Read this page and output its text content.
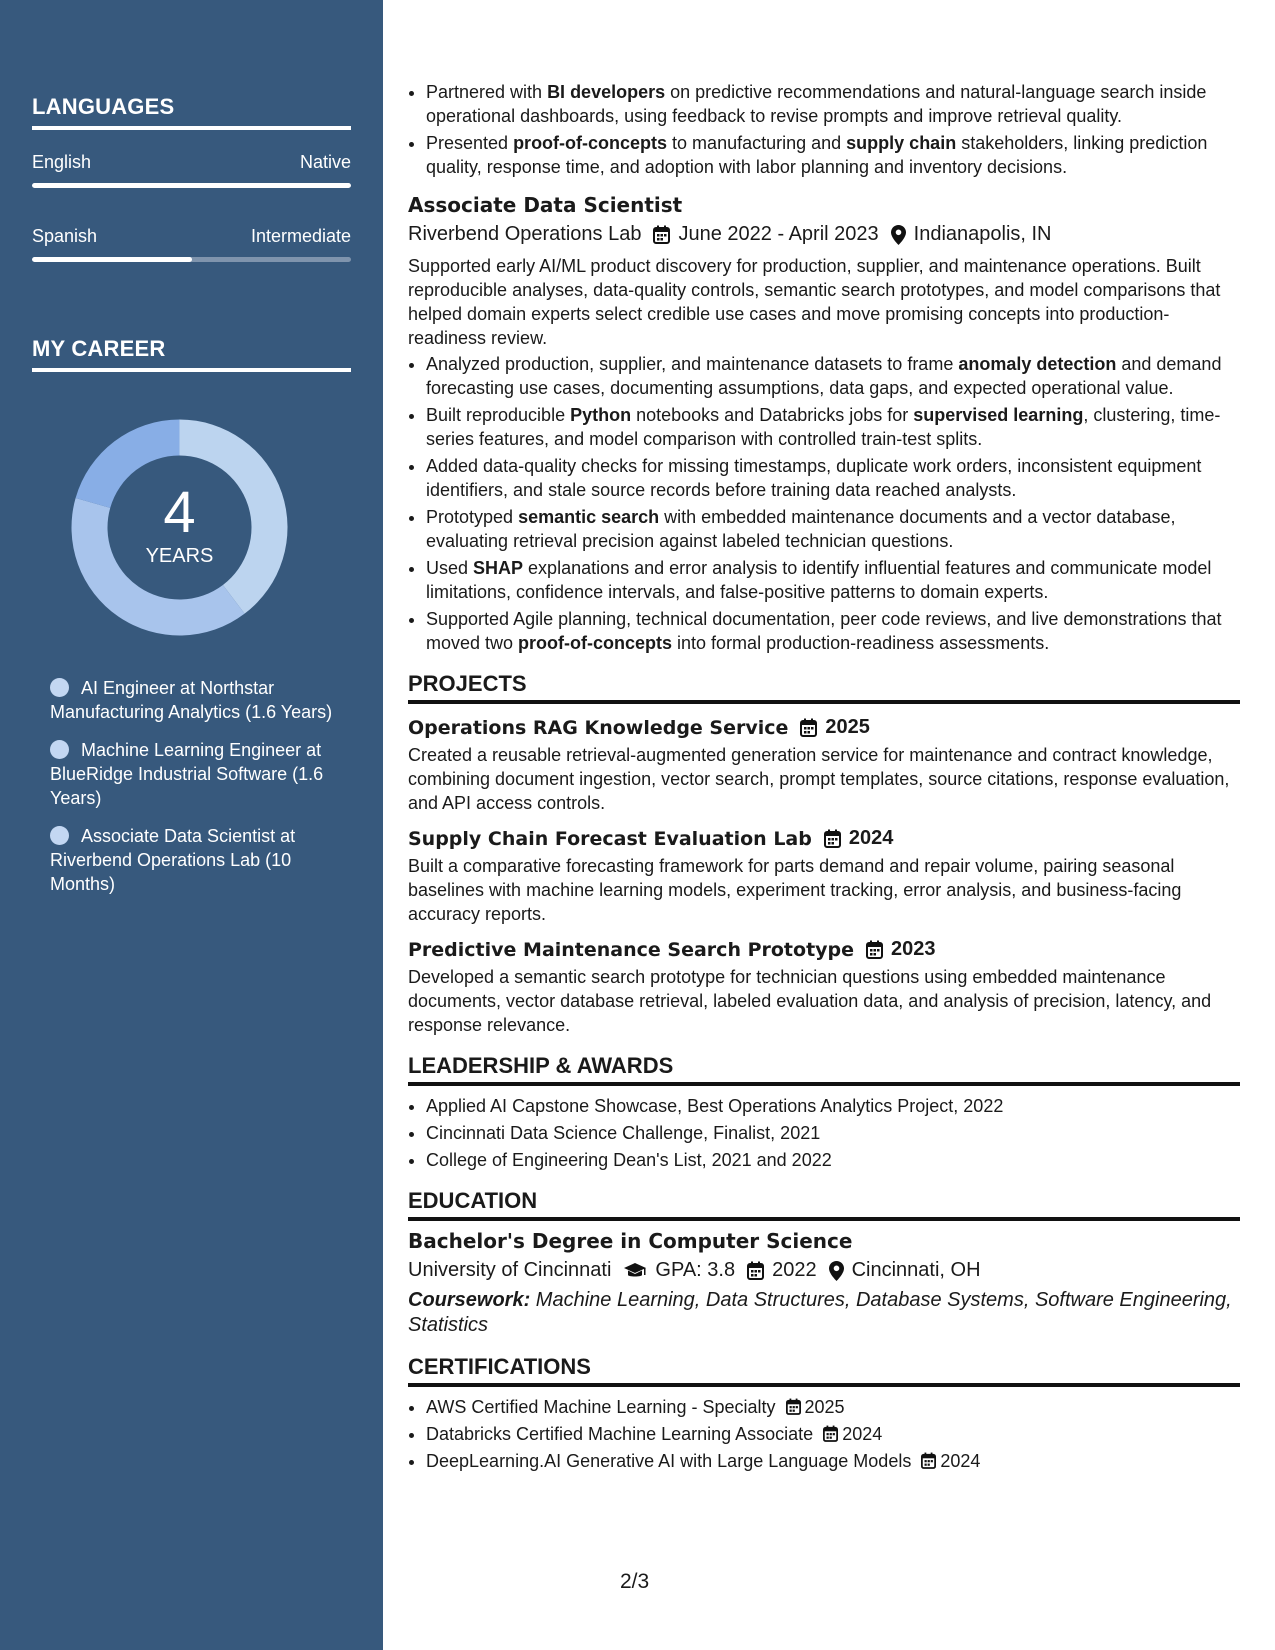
LANGUAGES
English	Native
Spanish	Intermediate
MY CAREER
4
YEARS
AI Engineer at Northstar Manufacturing Analytics (1.6 Years)
Machine Learning Engineer at BlueRidge Industrial Software (1.6 Years)
Associate Data Scientist at Riverbend Operations Lab (10 Months)
• Partnered with BI developers on predictive recommendations and natural-language search inside operational dashboards, using feedback to revise prompts and improve retrieval quality.
• Presented proof-of-concepts to manufacturing and supply chain stakeholders, linking prediction quality, response time, and adoption with labor planning and inventory decisions.
Associate Data Scientist
Riverbend Operations Lab June 2022 - April 2023 Indianapolis, IN
Supported early AI/ML product discovery for production, supplier, and maintenance operations. Built reproducible analyses, data-quality controls, semantic search prototypes, and model comparisons that helped domain experts select credible use cases and move promising concepts into production-readiness review.
• Analyzed production, supplier, and maintenance datasets to frame anomaly detection and demand forecasting use cases, documenting assumptions, data gaps, and expected operational value.
• Built reproducible Python notebooks and Databricks jobs for supervised learning, clustering, time-series features, and model comparison with controlled train-test splits.
• Added data-quality checks for missing timestamps, duplicate work orders, inconsistent equipment identifiers, and stale source records before training data reached analysts.
• Prototyped semantic search with embedded maintenance documents and a vector database, evaluating retrieval precision against labeled technician questions.
• Used SHAP explanations and error analysis to identify influential features and communicate model limitations, confidence intervals, and false-positive patterns to domain experts.
• Supported Agile planning, technical documentation, peer code reviews, and live demonstrations that moved two proof-of-concepts into formal production-readiness assessments.
PROJECTS
Operations RAG Knowledge Service 2025
Created a reusable retrieval-augmented generation service for maintenance and contract knowledge, combining document ingestion, vector search, prompt templates, source citations, response evaluation, and API access controls.
Supply Chain Forecast Evaluation Lab 2024
Built a comparative forecasting framework for parts demand and repair volume, pairing seasonal baselines with machine learning models, experiment tracking, error analysis, and business-facing accuracy reports.
Predictive Maintenance Search Prototype 2023
Developed a semantic search prototype for technician questions using embedded maintenance documents, vector database retrieval, labeled evaluation data, and analysis of precision, latency, and response relevance.
LEADERSHIP & AWARDS
• Applied AI Capstone Showcase, Best Operations Analytics Project, 2022
• Cincinnati Data Science Challenge, Finalist, 2021
• College of Engineering Dean's List, 2021 and 2022
EDUCATION
Bachelor's Degree in Computer Science
University of Cincinnati GPA: 3.8 2022 Cincinnati, OH
Coursework: Machine Learning, Data Structures, Database Systems, Software Engineering, Statistics
CERTIFICATIONS
• AWS Certified Machine Learning - Specialty 2025
• Databricks Certified Machine Learning Associate 2024
• DeepLearning.AI Generative AI with Large Language Models 2024
2/3
